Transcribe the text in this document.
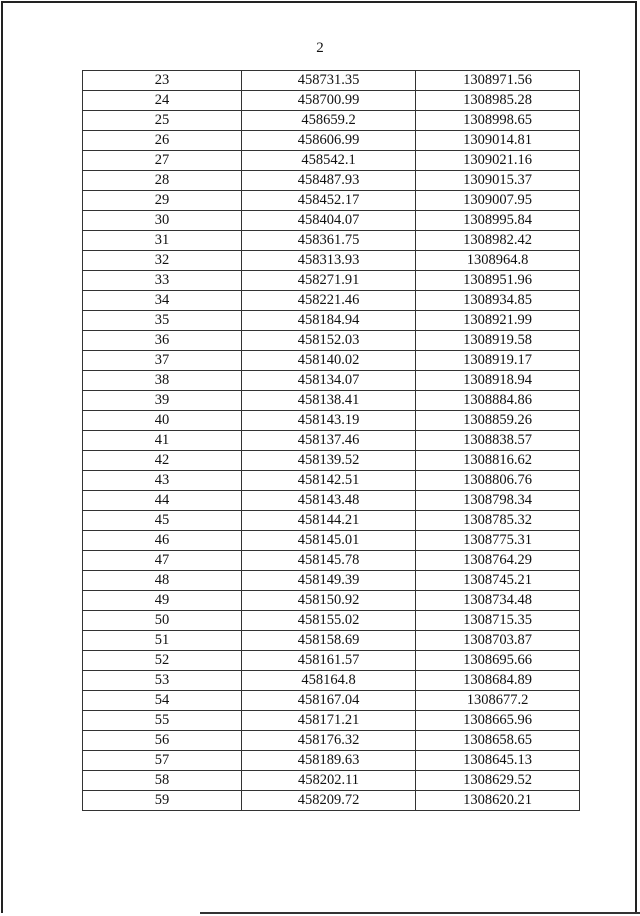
2
23	458731.35	1308971.56
24	458700.99	1308985.28
25	458659.2	1308998.65
26	458606.99	1309014.81
27	458542.1	1309021.16
28	458487.93	1309015.37
29	458452.17	1309007.95
30	458404.07	1308995.84
31	458361.75	1308982.42
32	458313.93	1308964.8
33	458271.91	1308951.96
34	458221.46	1308934.85
35	458184.94	1308921.99
36	458152.03	1308919.58
37	458140.02	1308919.17
38	458134.07	1308918.94
39	458138.41	1308884.86
40	458143.19	1308859.26
41	458137.46	1308838.57
42	458139.52	1308816.62
43	458142.51	1308806.76
44	458143.48	1308798.34
45	458144.21	1308785.32
46	458145.01	1308775.31
47	458145.78	1308764.29
48	458149.39	1308745.21
49	458150.92	1308734.48
50	458155.02	1308715.35
51	458158.69	1308703.87
52	458161.57	1308695.66
53	458164.8	1308684.89
54	458167.04	1308677.2
55	458171.21	1308665.96
56	458176.32	1308658.65
57	458189.63	1308645.13
58	458202.11	1308629.52
59	458209.72	1308620.21
